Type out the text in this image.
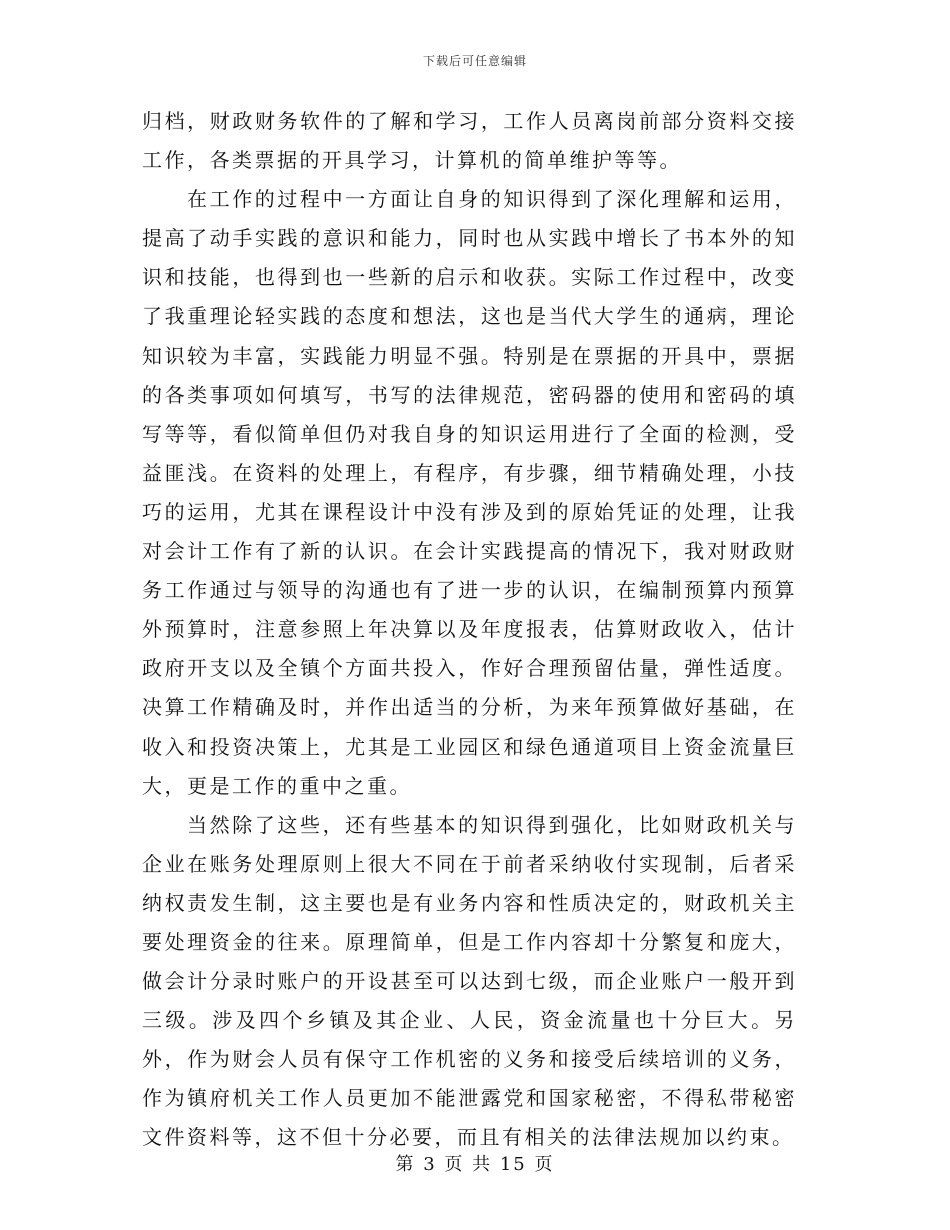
下载后可任意编辑

归档，财政财务软件的了解和学习，工作人员离岗前部分资料交接工作，各类票据的开具学习，计算机的简单维护等等。

在工作的过程中一方面让自身的知识得到了深化理解和运用，提高了动手实践的意识和能力，同时也从实践中增长了书本外的知识和技能，也得到也一些新的启示和收获。实际工作过程中，改变了我重理论轻实践的态度和想法，这也是当代大学生的通病，理论知识较为丰富，实践能力明显不强。特别是在票据的开具中，票据的各类事项如何填写，书写的法律规范，密码器的使用和密码的填写等等，看似简单但仍对我自身的知识运用进行了全面的检测，受益匪浅。在资料的处理上，有程序，有步骤，细节精确处理，小技巧的运用，尤其在课程设计中没有涉及到的原始凭证的处理，让我对会计工作有了新的认识。在会计实践提高的情况下，我对财政财务工作通过与领导的沟通也有了进一步的认识，在编制预算内预算外预算时，注意参照上年决算以及年度报表，估算财政收入，估计政府开支以及全镇个方面共投入，作好合理预留估量，弹性适度。决算工作精确及时，并作出适当的分析，为来年预算做好基础，在收入和投资决策上，尤其是工业园区和绿色通道项目上资金流量巨大，更是工作的重中之重。

当然除了这些，还有些基本的知识得到强化，比如财政机关与企业在账务处理原则上很大不同在于前者采纳收付实现制，后者采纳权责发生制，这主要也是有业务内容和性质决定的，财政机关主要处理资金的往来。原理简单，但是工作内容却十分繁复和庞大，做会计分录时账户的开设甚至可以达到七级，而企业账户一般开到三级。涉及四个乡镇及其企业、人民，资金流量也十分巨大。另外，作为财会人员有保守工作机密的义务和接受后续培训的义务，作为镇府机关工作人员更加不能泄露党和国家秘密，不得私带秘密文件资料等，这不但十分必要，而且有相关的法律法规加以约束。

第 3 页 共 15 页
